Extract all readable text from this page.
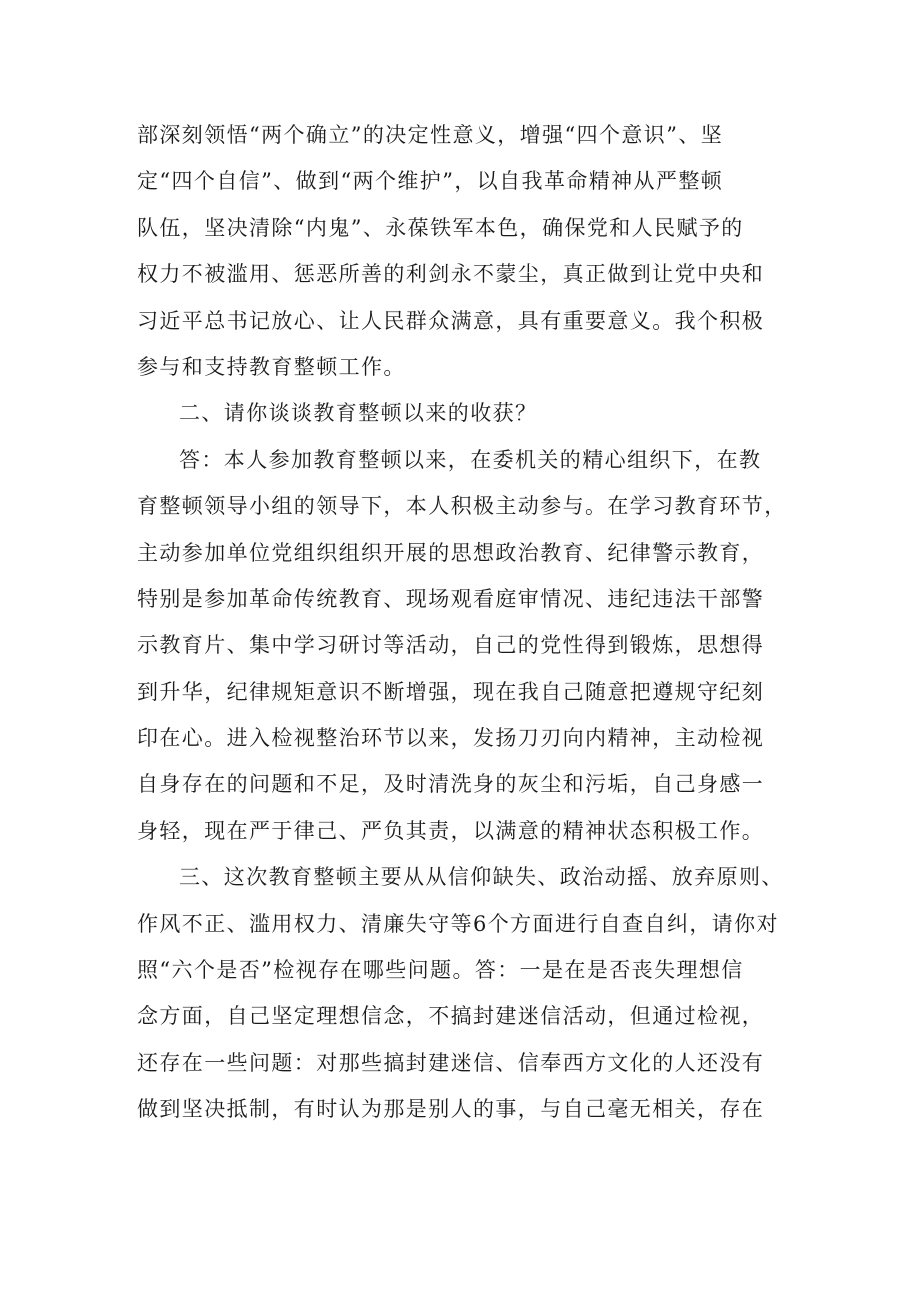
部深刻领悟“两个确立”的决定性意义，增强“四个意识”、坚
定“四个自信”、做到“两个维护”，以自我革命精神从严整顿
队伍，坚决清除“内鬼”、永葆铁军本色，确保党和人民赋予的
权力不被滥用、惩恶所善的利剑永不蒙尘，真正做到让党中央和
习近平总书记放心、让人民群众满意，具有重要意义。我个积极
参与和支持教育整顿工作。
二、请你谈谈教育整顿以来的收获？
答：本人参加教育整顿以来，在委机关的精心组织下，在教
育整顿领导小组的领导下，本人积极主动参与。在学习教育环节，
主动参加单位党组织组织开展的思想政治教育、纪律警示教育，
特别是参加革命传统教育、现场观看庭审情况、违纪违法干部警
示教育片、集中学习研讨等活动，自己的党性得到锻炼，思想得
到升华，纪律规矩意识不断增强，现在我自己随意把遵规守纪刻
印在心。进入检视整治环节以来，发扬刀刃向内精神，主动检视
自身存在的问题和不足，及时清洗身的灰尘和污垢，自己身感一
身轻，现在严于律己、严负其责，以满意的精神状态积极工作。
三、这次教育整顿主要从从信仰缺失、政治动摇、放弃原则、
作风不正、滥用权力、清廉失守等6个方面进行自查自纠，请你对
照“六个是否”检视存在哪些问题。答：一是在是否丧失理想信
念方面，自己坚定理想信念，不搞封建迷信活动，但通过检视，
还存在一些问题：对那些搞封建迷信、信奉西方文化的人还没有
做到坚决抵制，有时认为那是别人的事，与自己毫无相关，存在
